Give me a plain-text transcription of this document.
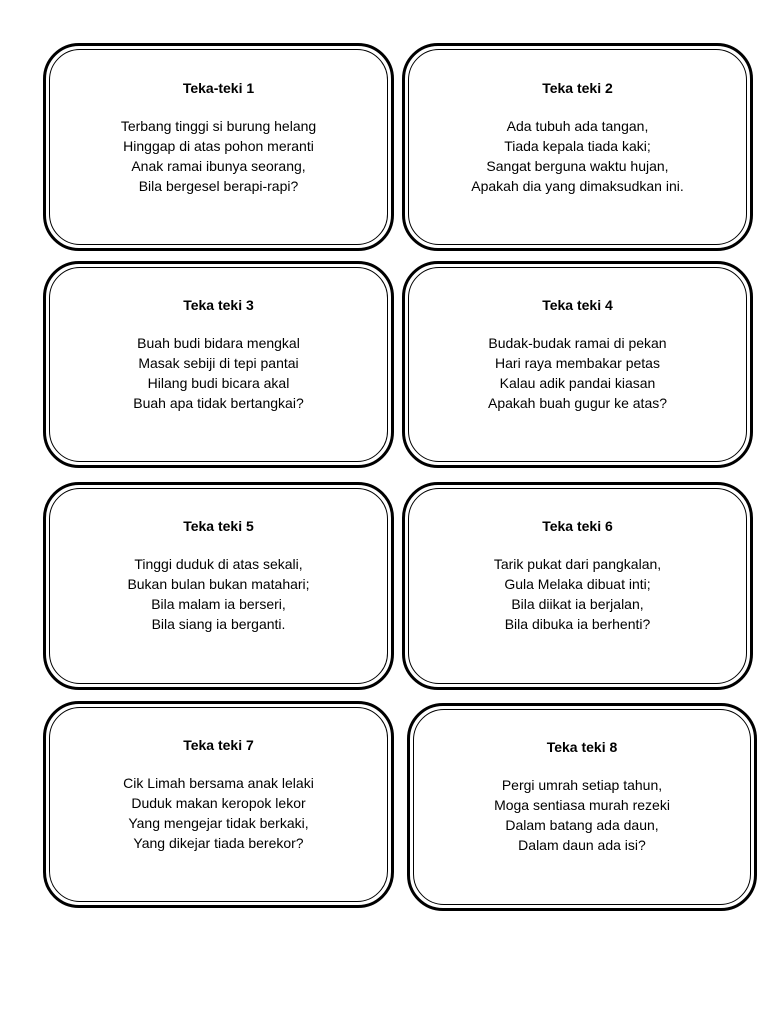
Teka-teki 1
Terbang tinggi si burung helang
Hinggap di atas pohon meranti
Anak ramai ibunya seorang,
Bila bergesel berapi-rapi?
Teka teki 2
Ada tubuh ada tangan,
Tiada kepala tiada kaki;
Sangat berguna waktu hujan,
Apakah dia yang dimaksudkan ini.
Teka teki 3
Buah budi bidara mengkal
Masak sebiji di tepi pantai
Hilang budi bicara akal
Buah apa tidak bertangkai?
Teka teki 4
Budak-budak ramai di pekan
Hari raya membakar petas
Kalau adik pandai kiasan
Apakah buah gugur ke atas?
Teka teki 5
Tinggi duduk di atas sekali,
Bukan bulan bukan matahari;
Bila malam ia berseri,
Bila siang ia berganti.
Teka teki 6
Tarik pukat dari pangkalan,
Gula Melaka dibuat inti;
Bila diikat ia berjalan,
Bila dibuka ia berhenti?
Teka teki 7
Cik Limah bersama anak lelaki
Duduk makan keropok lekor
Yang mengejar tidak berkaki,
Yang dikejar tiada berekor?
Teka teki 8
Pergi umrah setiap tahun,
Moga sentiasa murah rezeki
Dalam batang ada daun,
Dalam daun ada isi?
